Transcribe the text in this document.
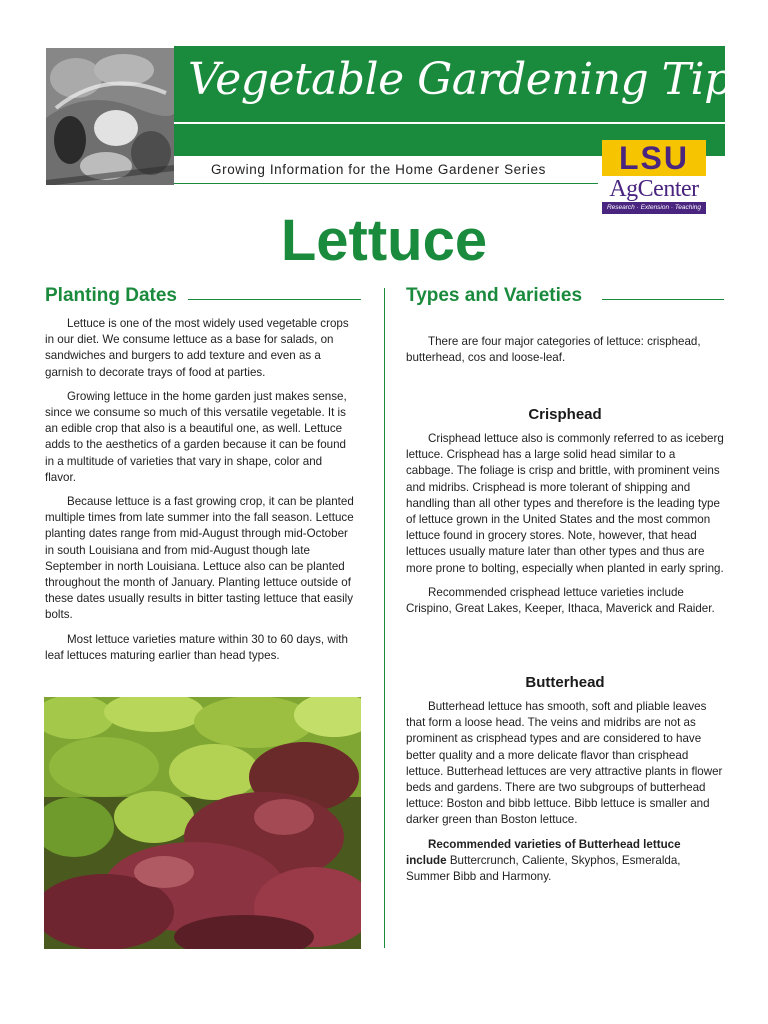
Vegetable Gardening Tips
Growing Information for the Home Gardener Series	LSU
AgCenter
Research · Extension · Teaching
Lettuce
Planting Dates

Lettuce is one of the most widely used vegetable crops in our diet. We consume lettuce as a base for salads, on sandwiches and burgers to add texture and even as a garnish to decorate trays of food at parties.

Growing lettuce in the home garden just makes sense, since we consume so much of this versatile vegetable. It is an edible crop that also is a beautiful one, as well. Lettuce adds to the aesthetics of a garden because it can be found in a multitude of varieties that vary in shape, color and flavor.

Because lettuce is a fast growing crop, it can be planted multiple times from late summer into the fall season. Lettuce planting dates range from mid-August through mid-October in south Louisiana and from mid-August though late September in north Louisiana. Lettuce also can be planted throughout the month of January. Planting lettuce outside of these dates usually results in bitter tasting lettuce that easily bolts.

Most lettuce varieties mature within 30 to 60 days, with leaf lettuces maturing earlier than head types.

Types and Varieties

There are four major categories of lettuce: crisphead, butterhead, cos and loose-leaf.

Crisphead

Crisphead lettuce also is commonly referred to as iceberg lettuce. Crisphead has a large solid head similar to a cabbage. The foliage is crisp and brittle, with prominent veins and midribs. Crisphead is more tolerant of shipping and handling than all other types and therefore is the leading type of lettuce grown in the United States and the most common lettuce found in grocery stores. Note, however, that head lettuces usually mature later than other types and thus are more prone to bolting, especially when planted in early spring.

Recommended crisphead lettuce varieties include Crispino, Great Lakes, Keeper, Ithaca, Maverick and Raider.

Butterhead

Butterhead lettuce has smooth, soft and pliable leaves that form a loose head. The veins and midribs are not as prominent as crisphead types and are considered to have better quality and a more delicate flavor than crisphead lettuce. Butterhead lettuces are very attractive plants in flower beds and gardens. There are two subgroups of butterhead lettuce: Boston and bibb lettuce. Bibb lettuce is smaller and darker green than Boston lettuce.

Recommended varieties of Butterhead lettuce include Buttercrunch, Caliente, Skyphos, Esmeralda, Summer Bibb and Harmony.
